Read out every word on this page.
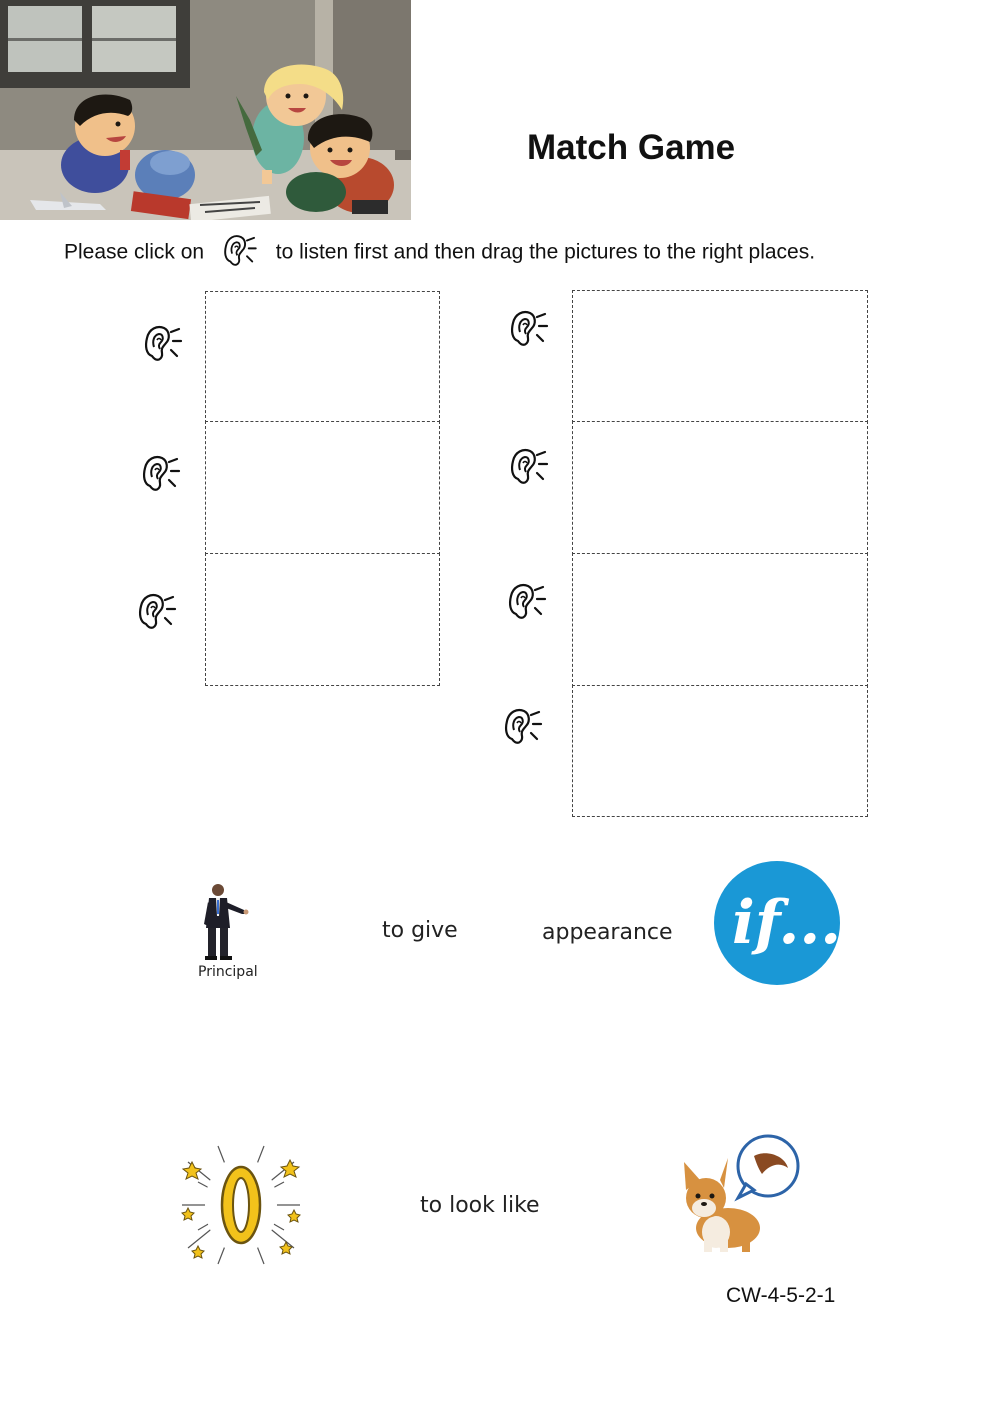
Match Game
Please click on	to listen first and then drag the pictures to the right places.
Principal
to give	appearance if...
to look like
CW-4-5-2-1
